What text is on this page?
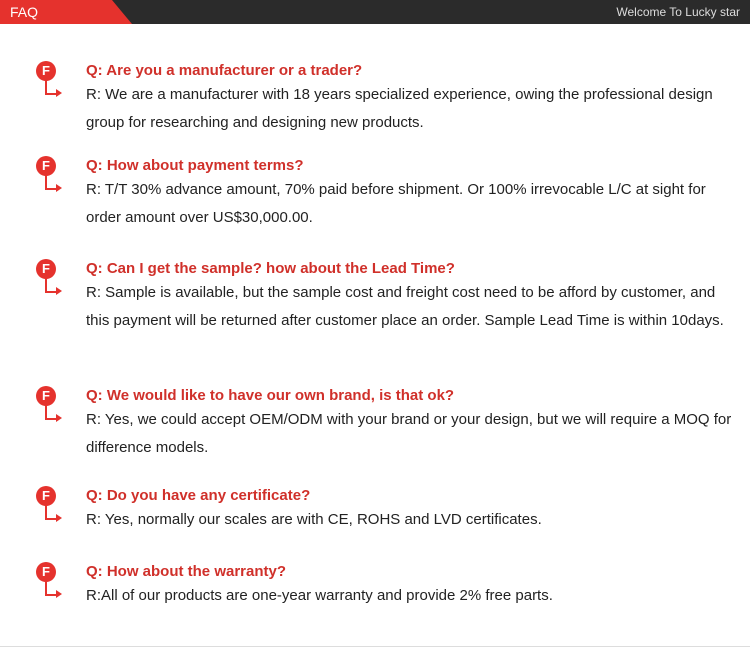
FAQ	Welcome To Lucky star
F	Q: Are you a manufacturer or a trader?
R: We are a manufacturer with 18 years specialized experience, owing the professional design group for researching and designing new products.
F	Q: How about payment terms?
R: T/T 30% advance amount, 70% paid before shipment. Or 100% irrevocable L/C at sight for order amount over US$30,000.00.
F	Q: Can I get the sample? how about the Lead Time?
R: Sample is available, but the sample cost and freight cost need to be afford by customer, and this payment will be returned after customer place an order. Sample Lead Time is within 10days.
F	Q: We would like to have our own brand, is that ok?
R: Yes, we could accept OEM/ODM with your brand or your design, but we will require a MOQ for difference models.
F	Q: Do you have any certificate?
R: Yes, normally our scales are with CE, ROHS and LVD certificates.
F	Q: How about the warranty?
R:All of our products are one-year warranty and provide 2% free parts.
